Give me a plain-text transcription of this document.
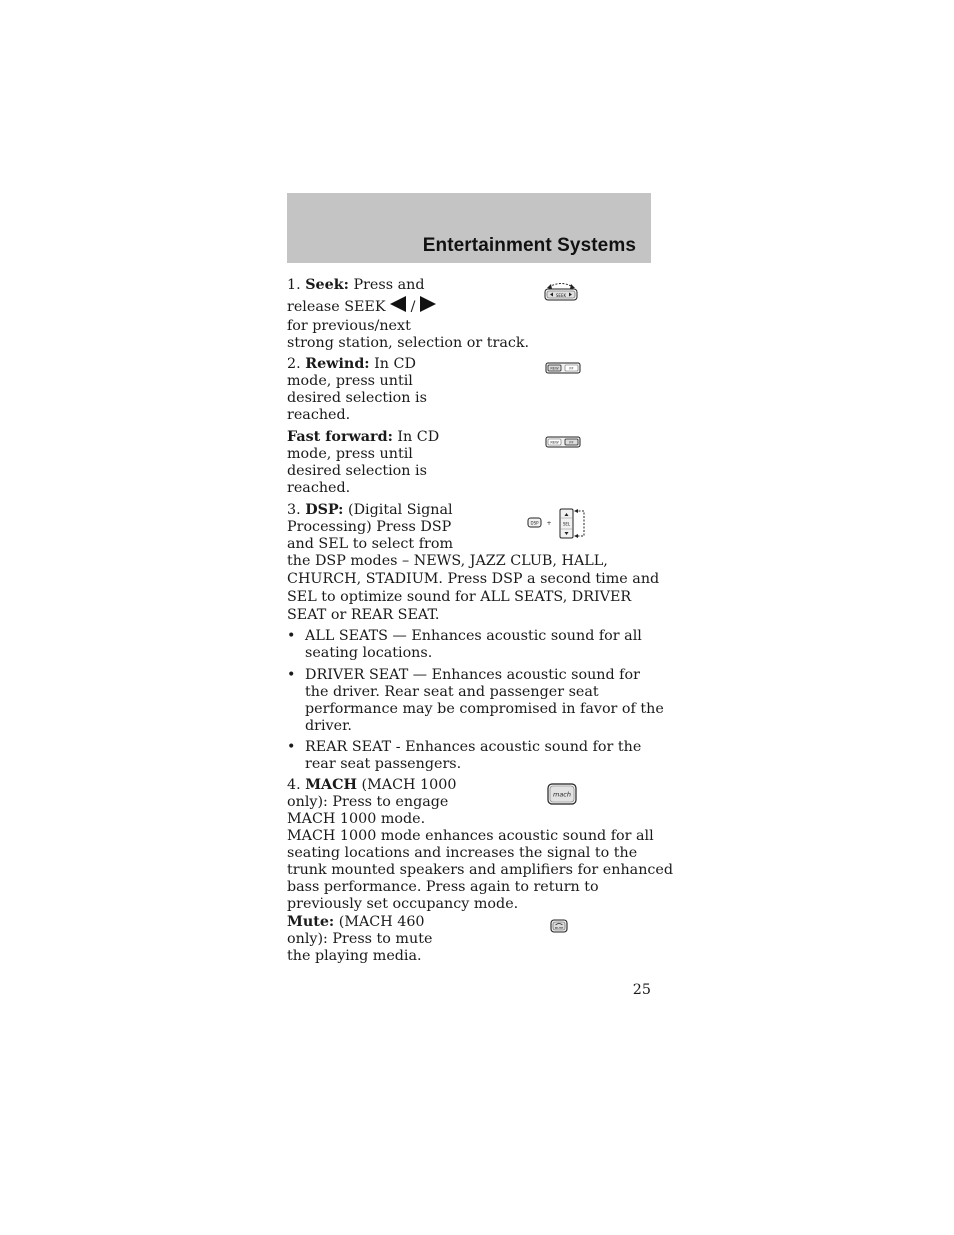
Entertainment Systems
1. Seek: Press and
release SEEK /
for previous/next
strong station, selection or track.
SEEK
2. Rewind: In CD
mode, press until
desired selection is
reached.
REW	FF
Fast forward: In CD
mode, press until
desired selection is
reached.
REW	FF
3. DSP: (Digital Signal
Processing) Press DSP
and SEL to select from
the DSP modes – NEWS, JAZZ CLUB, HALL,
CHURCH, STADIUM. Press DSP a second time and
SEL to optimize sound for ALL SEATS, DRIVER
SEAT or REAR SEAT.
DSP +	SEL
• ALL SEATS — Enhances acoustic sound for all
seating locations.
• DRIVER SEAT — Enhances acoustic sound for
the driver. Rear seat and passenger seat
performance may be compromised in favor of the
driver.
• REAR SEAT - Enhances acoustic sound for the
rear seat passengers.
4. MACH (MACH 1000
only): Press to engage
MACH 1000 mode.
MACH 1000 mode enhances acoustic sound for all
seating locations and increases the signal to the
trunk mounted speakers and amplifiers for enhanced
bass performance. Press again to return to
previously set occupancy mode.
mach
Mute: (MACH 460
only): Press to mute
the playing media.
MUTE
25
